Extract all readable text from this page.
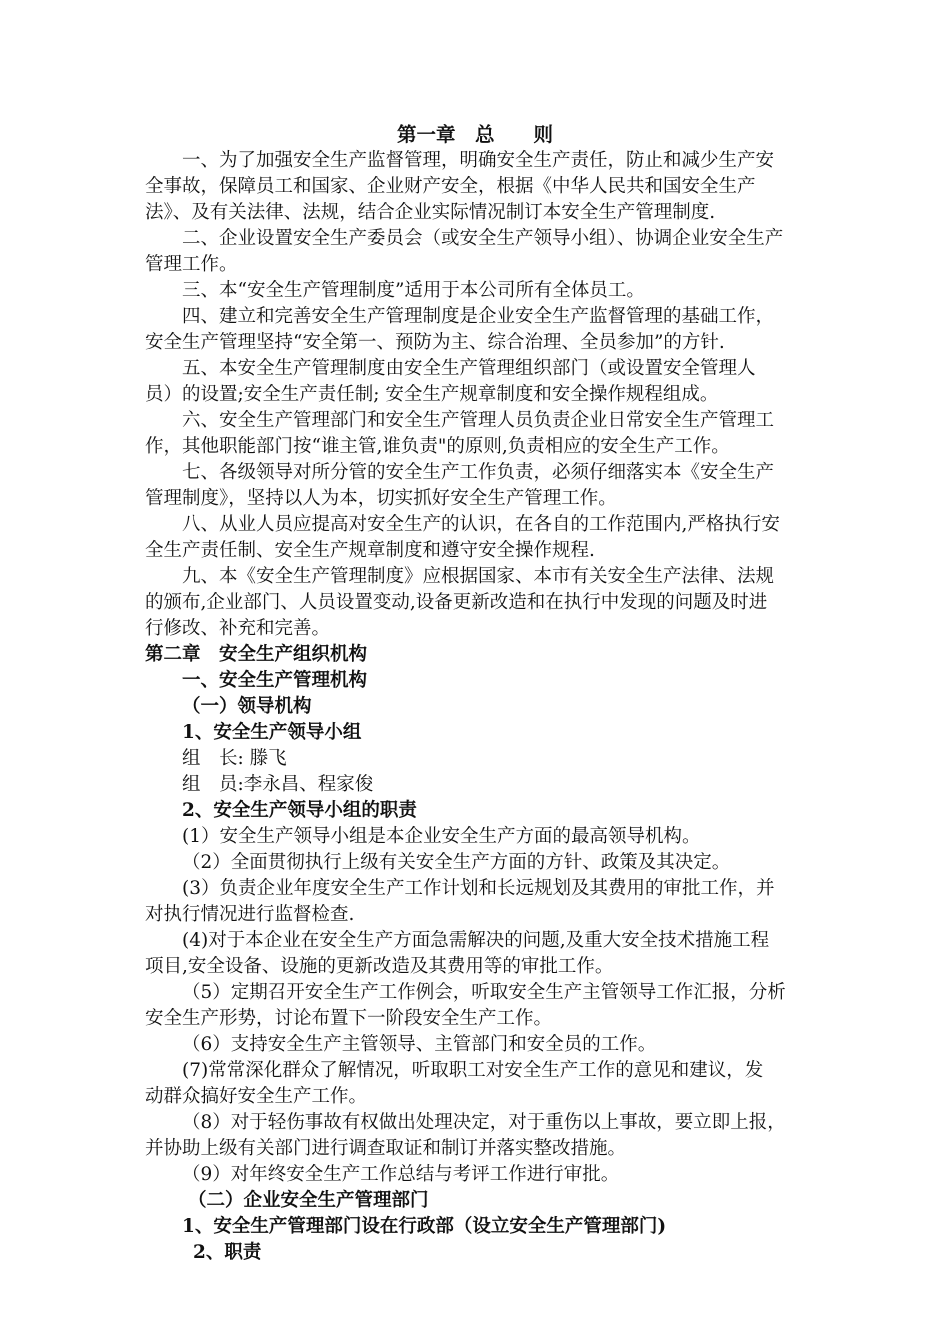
第一章　总　　则
一、为了加强安全生产监督管理，明确安全生产责任，防止和减少生产安
全事故，保障员工和国家、企业财产安全，根据《中华人民共和国安全生产
法》、及有关法律、法规，结合企业实际情况制订本安全生产管理制度.
二、企业设置安全生产委员会（或安全生产领导小组）、协调企业安全生产
管理工作。
三、本“安全生产管理制度”适用于本公司所有全体员工。
四、建立和完善安全生产管理制度是企业安全生产监督管理的基础工作，
安全生产管理坚持“安全第一、预防为主、综合治理、全员参加”的方针.
五、本安全生产管理制度由安全生产管理组织部门（或设置安全管理人
员）的设置;安全生产责任制; 安全生产规章制度和安全操作规程组成。
六、安全生产管理部门和安全生产管理人员负责企业日常安全生产管理工
作，其他职能部门按“谁主管,谁负责"的原则,负责相应的安全生产工作。
七、各级领导对所分管的安全生产工作负责，必须仔细落实本《安全生产
管理制度》，坚持以人为本，切实抓好安全生产管理工作。
八、从业人员应提高对安全生产的认识，在各自的工作范围内,严格执行安
全生产责任制、安全生产规章制度和遵守安全操作规程.
九、本《安全生产管理制度》应根据国家、本市有关安全生产法律、法规
的颁布,企业部门、人员设置变动,设备更新改造和在执行中发现的问题及时进
行修改、补充和完善。
第二章　安全生产组织机构
一、安全生产管理机构
（一）领导机构
1、安全生产领导小组
组　长: 滕飞
组　员:李永昌、程家俊
2、安全生产领导小组的职责
(1）安全生产领导小组是本企业安全生产方面的最高领导机构。
（2）全面贯彻执行上级有关安全生产方面的方针、政策及其决定。
(3）负责企业年度安全生产工作计划和长远规划及其费用的审批工作，并
对执行情况进行监督检查.
(4)对于本企业在安全生产方面急需解决的问题,及重大安全技术措施工程
项目,安全设备、设施的更新改造及其费用等的审批工作。
（5）定期召开安全生产工作例会，听取安全生产主管领导工作汇报，分析
安全生产形势，讨论布置下一阶段安全生产工作。
（6）支持安全生产主管领导、主管部门和安全员的工作。
(7)常常深化群众了解情况，听取职工对安全生产工作的意见和建议，发
动群众搞好安全生产工作。
（8）对于轻伤事故有权做出处理决定，对于重伤以上事故，要立即上报，
并协助上级有关部门进行调查取证和制订并落实整改措施。
（9）对年终安全生产工作总结与考评工作进行审批。
（二）企业安全生产管理部门
1、安全生产管理部门设在行政部（设立安全生产管理部门)
2、职责
